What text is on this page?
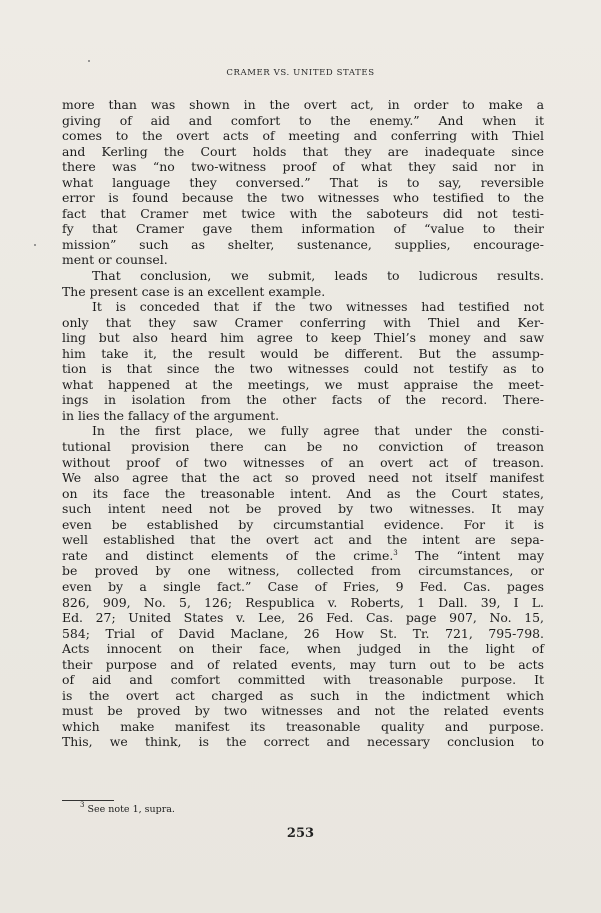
CRAMER VS. UNITED STATES
more than was shown in the overt act, in order to make a
giving of aid and comfort to the enemy.” And when it
comes to the overt acts of meeting and conferring with Thiel
and Kerling the Court holds that they are inadequate since
there was “no two-witness proof of what they said nor in
what language they conversed.” That is to say, reversible
error is found because the two witnesses who testified to the
fact that Cramer met twice with the saboteurs did not testi-
fy that Cramer gave them information of “value to their
mission” such as shelter, sustenance, supplies, encourage-
ment or counsel.
That conclusion, we submit, leads to ludicrous results.
The present case is an excellent example.
It is conceded that if the two witnesses had testified not
only that they saw Cramer conferring with Thiel and Ker-
ling but also heard him agree to keep Thiel’s money and saw
him take it, the result would be different. But the assump-
tion is that since the two witnesses could not testify as to
what happened at the meetings, we must appraise the meet-
ings in isolation from the other facts of the record. There-
in lies the fallacy of the argument.
In the first place, we fully agree that under the consti-
tutional provision there can be no conviction of treason
without proof of two witnesses of an overt act of treason.
We also agree that the act so proved need not itself manifest
on its face the treasonable intent. And as the Court states,
such intent need not be proved by two witnesses. It may
even be established by circumstantial evidence. For it is
well established that the overt act and the intent are sepa-
rate and distinct elements of the crime.$^3$ The “intent may
be proved by one witness, collected from circumstances, or
even by a single fact.” Case of Fries, 9 Fed. Cas. pages
826, 909, No. 5, 126; Respublica v. Roberts, 1 Dall. 39, I L.
Ed. 27; United States v. Lee, 26 Fed. Cas. page 907, No. 15,
584; Trial of David Maclane, 26 How St. Tr. 721, 795-798.
Acts innocent on their face, when judged in the light of
their purpose and of related events, may turn out to be acts
of aid and comfort committed with treasonable purpose. It
is the overt act charged as such in the indictment which
must be proved by two witnesses and not the related events
which make manifest its treasonable quality and purpose.
This, we think, is the correct and necessary conclusion to
$^3$ See note 1, supra.
253
